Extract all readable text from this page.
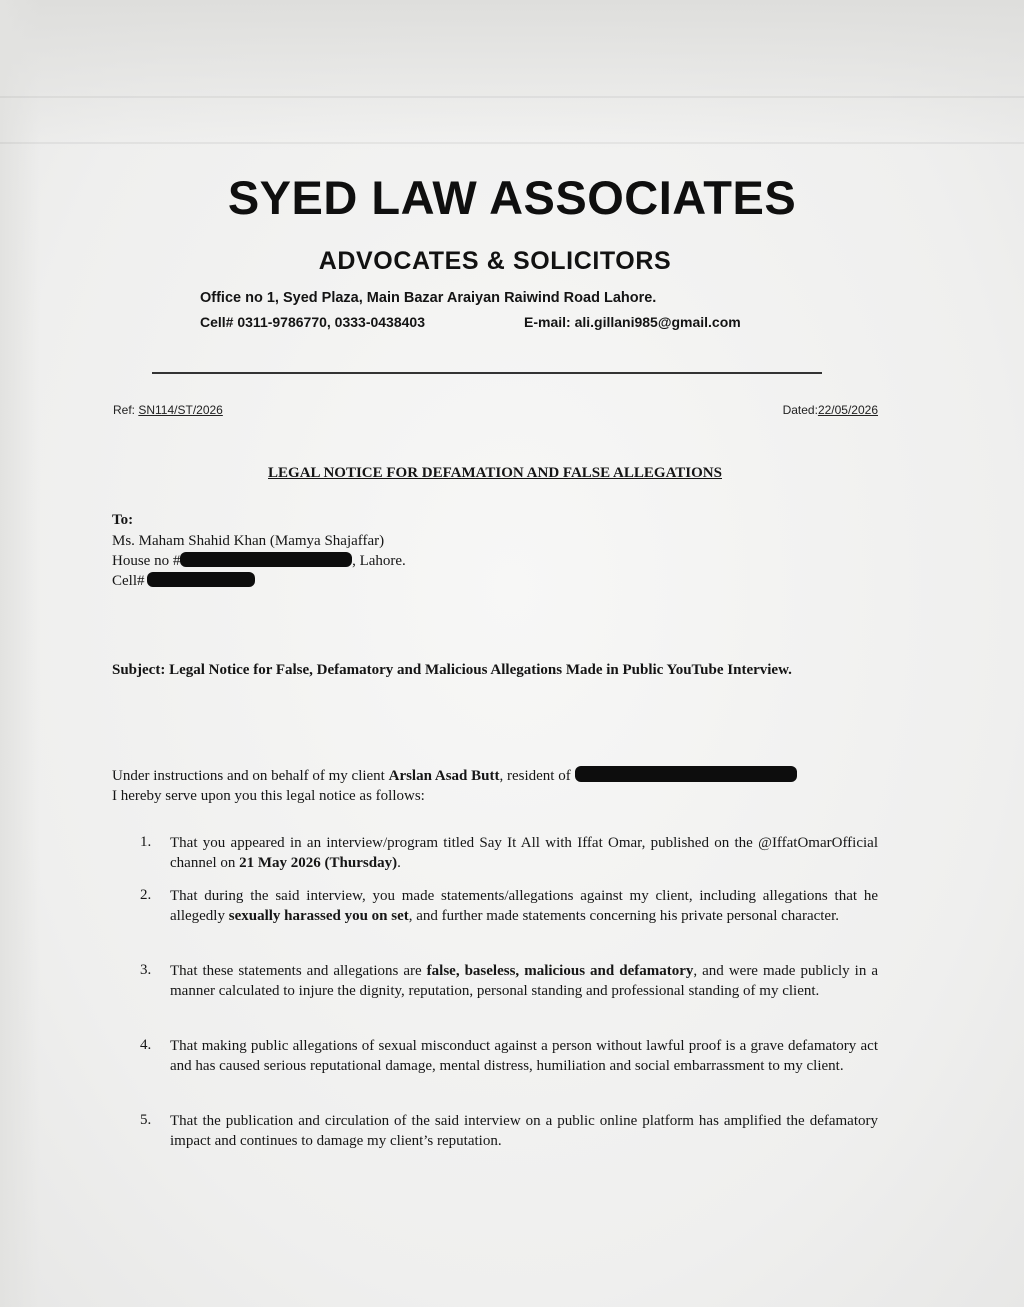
SYED LAW ASSOCIATES
ADVOCATES & SOLICITORS
Office no 1, Syed Plaza, Main Bazar Araiyan Raiwind Road Lahore.
Cell# 0311-9786770, 0333-0438403	E-mail: ali.gillani985@gmail.com
Ref: SN114/ST/2026	Dated:22/05/2026
LEGAL NOTICE FOR DEFAMATION AND FALSE ALLEGATIONS
To:
Ms. Maham Shahid Khan (Mamya Shajaffar)
House no #	, Lahore.
Cell#
Subject: Legal Notice for False, Defamatory and Malicious Allegations Made in Public YouTube Interview.
Under instructions and on behalf of my client Arslan Asad Butt, resident of
I hereby serve upon you this legal notice as follows:
1. That you appeared in an interview/program titled Say It All with Iffat Omar, published on the @IffatOmarOfficial channel on 21 May 2026 (Thursday).
2. That during the said interview, you made statements/allegations against my client, including allegations that he allegedly sexually harassed you on set, and further made statements concerning his private personal character.
3. That these statements and allegations are false, baseless, malicious and defamatory, and were made publicly in a manner calculated to injure the dignity, reputation, personal standing and professional standing of my client.
4. That making public allegations of sexual misconduct against a person without lawful proof is a grave defamatory act and has caused serious reputational damage, mental distress, humiliation and social embarrassment to my client.
5. That the publication and circulation of the said interview on a public online platform has amplified the defamatory impact and continues to damage my client’s reputation.
